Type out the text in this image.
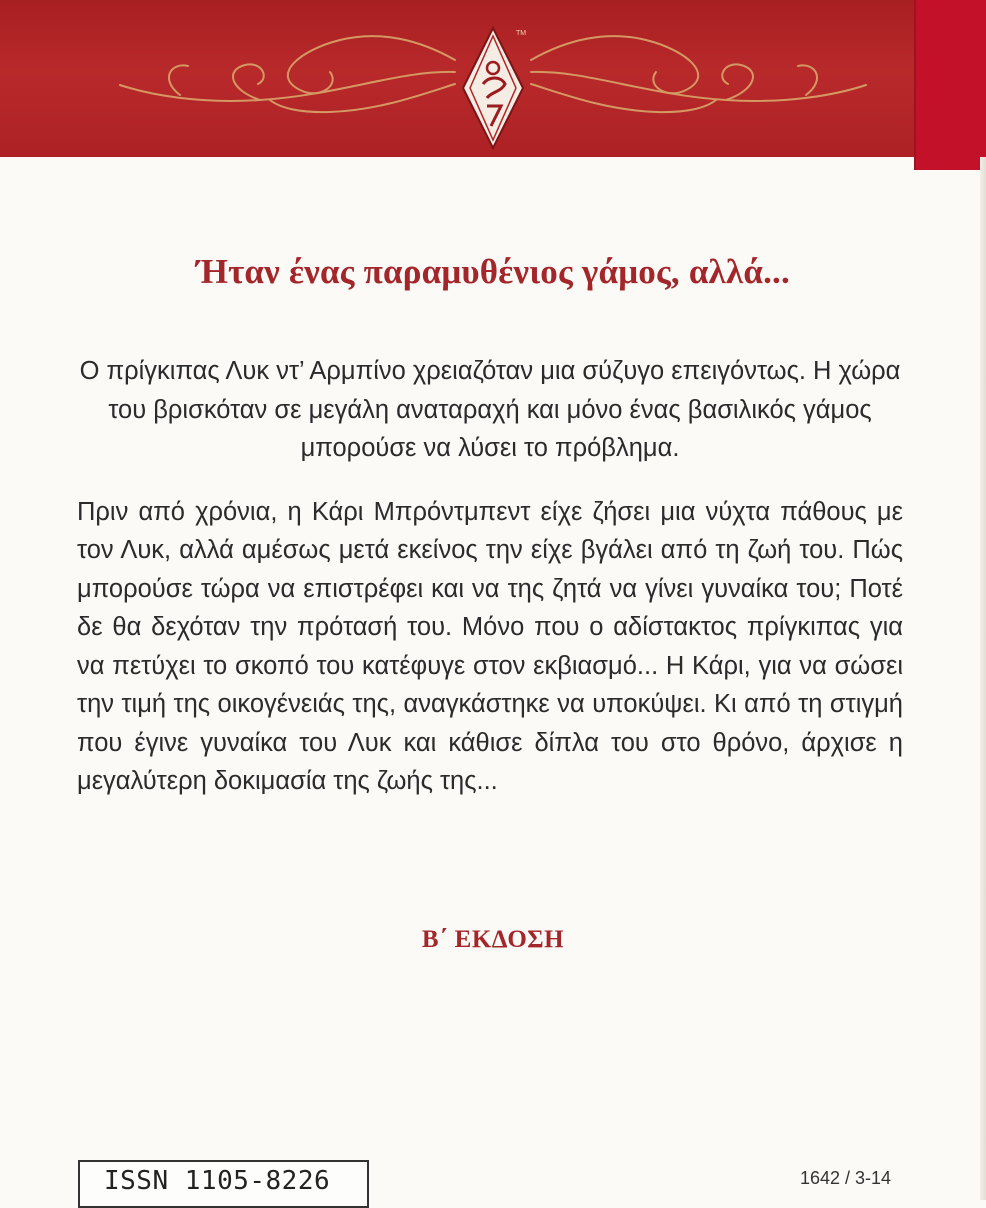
TM
Ήταν ένας παραμυθένιος γάμος, αλλά...

Ο πρίγκιπας Λυκ ντ’ Αρμπίνο χρειαζόταν μια σύζυγο επειγόντως. Η χώρα του βρισκόταν σε μεγάλη αναταραχή και μόνο ένας βασιλικός γάμος μπορούσε να λύσει το πρόβλημα.

Πριν από χρόνια, η Κάρι Μπρόντμπεντ είχε ζήσει μια νύχτα πάθους με τον Λυκ, αλλά αμέσως μετά εκείνος την είχε βγάλει από τη ζωή του. Πώς μπορούσε τώρα να επιστρέφει και να της ζητά να γίνει γυναίκα του; Ποτέ δε θα δεχόταν την πρότασή του. Μόνο που ο αδίστακτος πρίγκιπας για να πετύχει το σκοπό του κατέφυγε στον εκβιασμό... Η Κάρι, για να σώσει την τιμή της οικογένειάς της, αναγκάστηκε να υποκύψει. Κι από τη στιγμή που έγινε γυναίκα του Λυκ και κάθισε δίπλα του στο θρόνο, άρχισε η μεγαλύτερη δοκιμασία της ζωής της...

Β΄ ΕΚΔΟΣΗ
ISSN 1105-8226	1642 / 3-14
